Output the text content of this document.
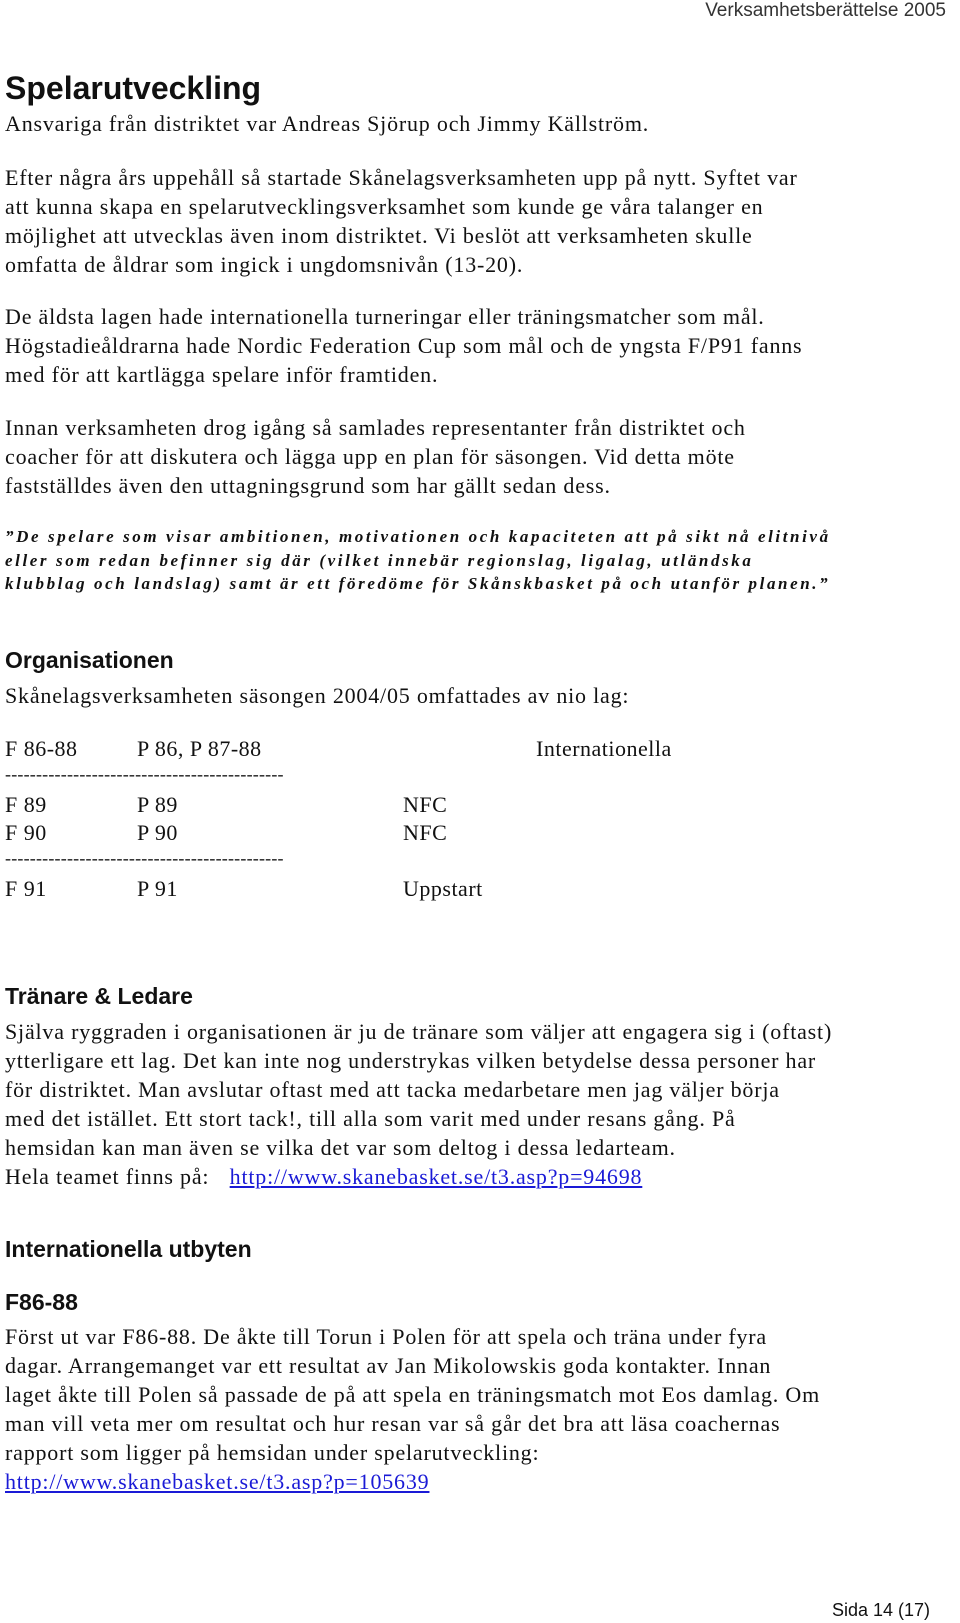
Verksamhetsberättelse 2005
Spelarutveckling
Ansvariga från distriktet var Andreas Sjörup och Jimmy Källström.
Efter några års uppehåll så startade Skånelagsverksamheten upp på nytt. Syftet var
att kunna skapa en spelarutvecklingsverksamhet som kunde ge våra talanger en
möjlighet att utvecklas även inom distriktet. Vi beslöt att verksamheten skulle
omfatta de åldrar som ingick i ungdomsnivån (13-20).
De äldsta lagen hade internationella turneringar eller träningsmatcher som mål.
Högstadieåldrarna hade Nordic Federation Cup som mål och de yngsta F/P91 fanns
med för att kartlägga spelare inför framtiden.
Innan verksamheten drog igång så samlades representanter från distriktet och
coacher för att diskutera och lägga upp en plan för säsongen. Vid detta möte
fastställdes även den uttagningsgrund som har gällt sedan dess.
”De spelare som visar ambitionen, motivationen och kapaciteten att på sikt nå elitnivå
eller som redan befinner sig där (vilket innebär regionslag, ligalag, utländska
klubblag och landslag) samt är ett föredöme för Skånskbasket på och utanför planen.”
Organisationen
Skånelagsverksamheten säsongen 2004/05 omfattades av nio lag:
F 86-88	P 86, P 87-88	Internationella
---------------------------------------------
F 89	P 89	NFC
F 90	P 90	NFC
---------------------------------------------
F 91	P 91	Uppstart
Tränare & Ledare
Själva ryggraden i organisationen är ju de tränare som väljer att engagera sig i (oftast)
ytterligare ett lag. Det kan inte nog understrykas vilken betydelse dessa personer har
för distriktet. Man avslutar oftast med att tacka medarbetare men jag väljer börja
med det istället. Ett stort tack!, till alla som varit med under resans gång. På
hemsidan kan man även se vilka det var som deltog i dessa ledarteam.
Hela teamet finns på: http://www.skanebasket.se/t3.asp?p=94698
Internationella utbyten
F86-88
Först ut var F86-88. De åkte till Torun i Polen för att spela och träna under fyra
dagar. Arrangemanget var ett resultat av Jan Mikolowskis goda kontakter. Innan
laget åkte till Polen så passade de på att spela en träningsmatch mot Eos damlag. Om
man vill veta mer om resultat och hur resan var så går det bra att läsa coachernas
rapport som ligger på hemsidan under spelarutveckling:
http://www.skanebasket.se/t3.asp?p=105639
Sida 14 (17)
